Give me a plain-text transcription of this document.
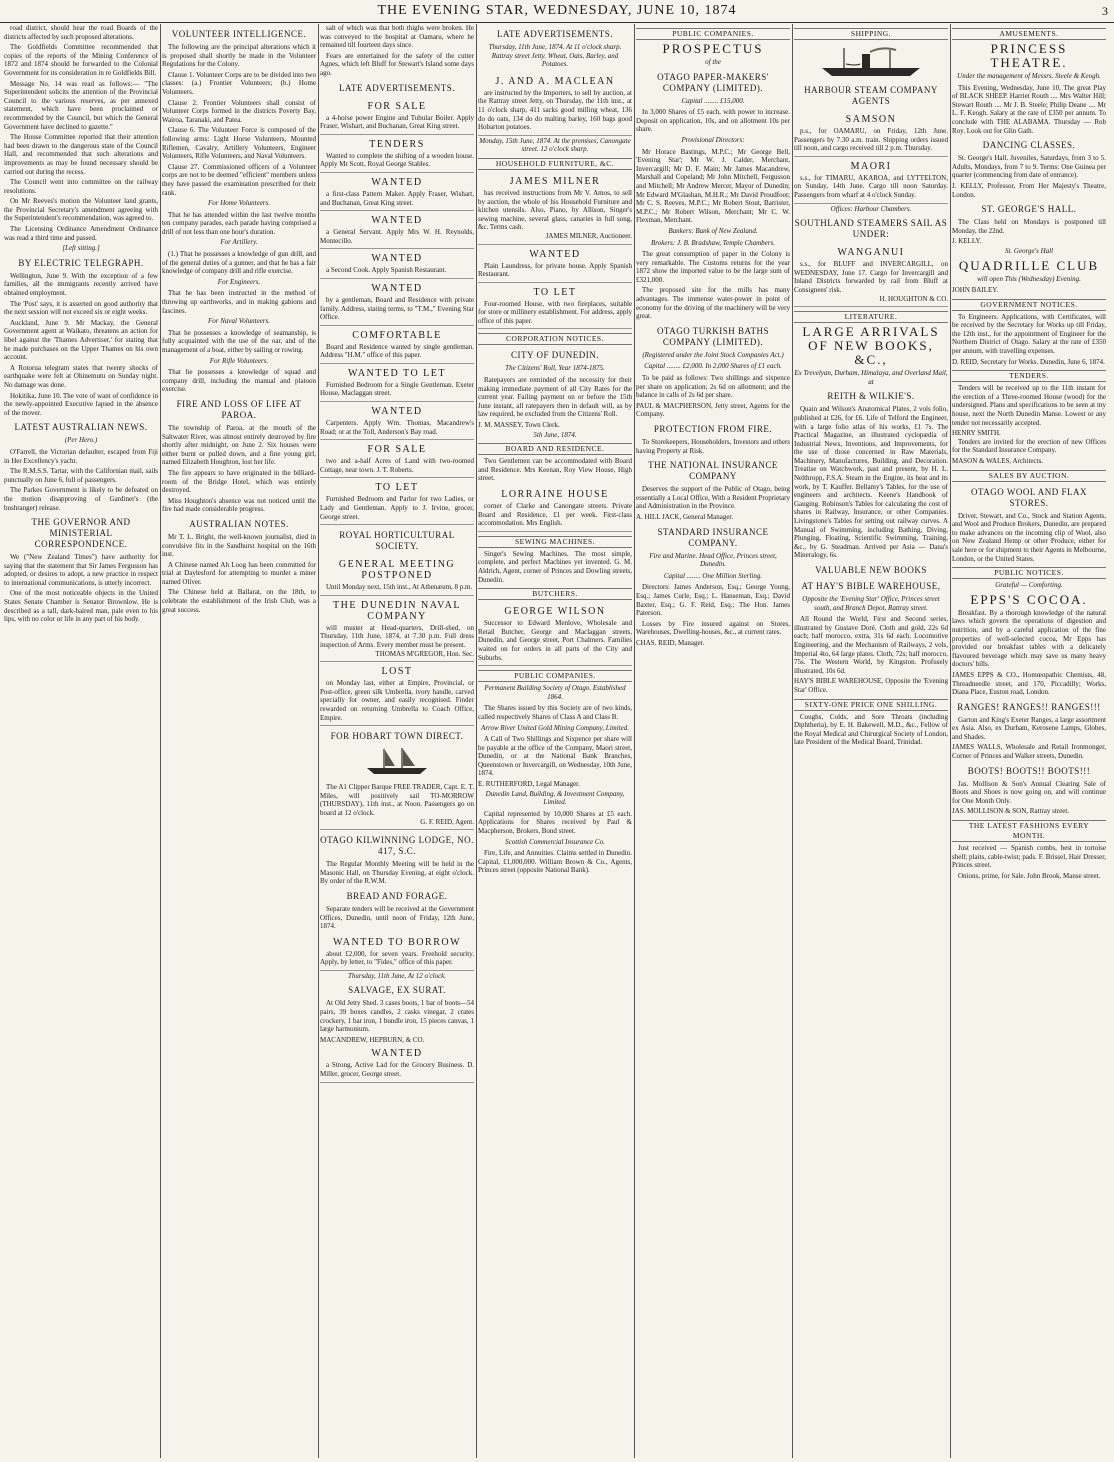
THE EVENING STAR, WEDNESDAY, JUNE 10, 1874	3

road district, should hear the road Boards of the districts affected by such proposed alterations.

The Goldfields Committee recommended that copies of the reports of the Mining Conference of 1872 and 1874 should be forwarded to the Colonial Government for its consideration in re Goldfields Bill.

Message No. 14 was read as follows:— "The Superintendent solicits the attention of the Provincial Council to the various reserves, as per annexed statement, which have been proclaimed or recommended by the Council, but which the General Government have declined to gazette."

The House Committee reported that their attention had been drawn to the dangerous state of the Council Hall, and recommended that such alterations and improvements as may be found necessary should be carried out during the recess.

The Council went into committee on the railway resolutions.

On Mr Reeves's motion the Volunteer land grants, the Provincial Secretary's amendment agreeing with the Superintendent's recommendation, was agreed to.

The Licensing Ordinance Amendment Ordinance was read a third time and passed.

[Left sitting.]
BY ELECTRIC TELEGRAPH.

Wellington, June 9. With the exception of a few families, all the immigrants recently arrived have obtained employment.

The 'Post' says, it is asserted on good authority that the next session will not exceed six or eight weeks.

Auckland, June 9. Mr Mackay, the General Government agent at Waikato, threatens an action for libel against the 'Thames Advertiser,' for stating that he made purchases on the Upper Thames on his own account.

A Rotorua telegram states that twenty shocks of earthquake were felt at Ohinemutu on Sunday night. No damage was done.

Hokitika, June 10. The vote of want of confidence in the newly-appointed Executive lapsed in the absence of the mover.

LATEST AUSTRALIAN NEWS.
(Per Hero.)

O'Farrell, the Victorian defaulter, escaped from Fiji in Her Excellency's yacht.

The R.M.S.S. Tartar, with the Californian mail, sails punctually on June 6, full of passengers.

The Parkes Government is likely to be defeated on the motion disapproving of Gardiner's (the bushranger) release.

THE GOVERNOR AND MINISTERIAL CORRESPONDENCE.

We ("New Zealand Times") have authority for saying that the statement that Sir James Fergusson has adopted, or desires to adopt, a new practice in respect to international communications, is utterly incorrect.

One of the most noticeable objects in the United States Senate Chamber is Senator Brownlow. He is described as a tall, dark-haired man, pale even to his lips, with no color or life in any part of his body.

VOLUNTEER INTELLIGENCE.

The following are the principal alterations which it is proposed shall shortly be made in the Volunteer Regulations for the Colony.

Clause 1. Volunteer Corps are to be divided into two classes: (a.) Frontier Volunteers; (b.) Home Volunteers.

Clause 2. Frontier Volunteers shall consist of Volunteer Corps formed in the districts Poverty Bay, Wairoa, Taranaki, and Patea.

Clause 6. The Volunteer Force is composed of the following arms: Light Horse Volunteers, Mounted Riflemen, Cavalry, Artillery Volunteers, Engineer Volunteers, Rifle Volunteers, and Naval Volunteers.

Clause 27. Commissioned officers of a Volunteer corps are not to be deemed "efficient" members unless they have passed the examination prescribed for their rank.

For Home Volunteers.

That he has attended within the last twelve months ten company parades, each parade having comprised a drill of not less than one hour's duration.

For Artillery.

(1.) That he possesses a knowledge of gun drill, and of the general duties of a gunner, and that he has a fair knowledge of company drill and rifle exercise.

For Engineers.

That he has been instructed in the method of throwing up earthworks, and in making gabions and fascines.

For Naval Volunteers.

That he possesses a knowledge of seamanship, is fully acquainted with the use of the oar, and of the management of a boat, either by sailing or rowing.

For Rifle Volunteers.

That he possesses a knowledge of squad and company drill, including the manual and platoon exercise.

FIRE AND LOSS OF LIFE AT PAROA.

The township of Paroa, at the mouth of the Saltwater River, was almost entirely destroyed by fire shortly after midnight, on June 2. Six houses were either burnt or pulled down, and a fine young girl, named Elizabeth Houghton, lost her life.

The fire appears to have originated in the billiard-room of the Bridge Hotel, which was entirely destroyed.

Miss Houghton's absence was not noticed until the fire had made considerable progress.

AUSTRALIAN NOTES.

Mr T. L. Bright, the well-known journalist, died in convulsive fits in the Sandhurst hospital on the 16th inst.

A Chinese named Ah Loog has been committed for trial at Daylesford for attempting to murder a miner named Oliver.

The Chinese held at Ballarat, on the 18th, to celebrate the establishment of the Irish Club, was a great success.

salt of which was that both thighs were broken. He was conveyed to the hospital at Oamaru, where he remained till fourteen days since.

Fears are entertained for the safety of the cutter Agnes, which left Bluff for Stewart's Island some days ago.

LATE ADVERTISEMENTS.
FOR SALE
a 4-horse power Engine and Tubular Boiler. Apply Fraser, Wishart, and Buchanan, Great King street.
TENDERS
Wanted to complete the shifting of a wooden house. Apply Mr Scott, Royal George Stables.
WANTED
a first-class Pattern Maker. Apply Fraser, Wishart, and Buchanan, Great King street.
WANTED
a General Servant. Apply Mrs W. H. Reynolds, Montecillo.
WANTED
a Second Cook. Apply Spanish Restaurant.
WANTED
by a gentleman, Board and Residence with private family. Address, stating terms, to "T.M.," Evening Star Office.
COMFORTABLE
Board and Residence wanted by single gentleman. Address "H.M." office of this paper.
WANTED TO LET
Furnished Bedroom for a Single Gentleman. Exeter House, Maclaggan street.
WANTED
Carpenters. Apply Wm. Thomas, Macandrew's Road; or at the Toll, Anderson's Bay road.
FOR SALE
two and a-half Acres of Land with two-roomed Cottage, near town. J. T. Roberts.
TO LET
Furnished Bedroom and Parlor for two Ladies, or Lady and Gentleman. Apply to J. Irvine, grocer, George street.
ROYAL HORTICULTURAL SOCIETY.
GENERAL MEETING POSTPONED
Until Monday next, 15th inst., At Athenæum, 8 p.m.
THE DUNEDIN NAVAL COMPANY
will muster at Head-quarters, Drill-shed, on Thursday, 11th June, 1874, at 7.30 p.m. Full dress inspection of Arms. Every member must be present.
THOMAS M'GREGOR, Hon. Sec.
LOST
on Monday last, either at Empire, Provincial, or Post-office, green silk Umbrella, ivory handle, carved specially for owner, and easily recognised. Finder rewarded on returning Umbrella to Coach Office, Empire.
FOR HOBART TOWN DIRECT.
The A1 Clipper Barque FREE TRADER, Capt. E. T. Miles, will positively sail TO-MORROW (THURSDAY), 11th inst., at Noon. Passengers go on board at 12 o'clock.
G. F. REID, Agent.
OTAGO KILWINNING LODGE, NO. 417, S.C.

The Regular Monthly Meeting will be held in the Masonic Hall, on Thursday Evening, at eight o'clock. By order of the R.W.M.

BREAD AND FORAGE.

Separate tenders will be received at the Government Offices, Dunedin, until noon of Friday, 12th June, 1874.

WANTED TO BORROW
about £2,000, for seven years. Freehold security. Apply, by letter, to "Fides," office of this paper.
Thursday, 11th June, At 12 o'clock.
SALVAGE, EX SURAT.

At Old Jetty Shed. 3 cases boots, 1 bar of boots—54 pairs, 39 boxes candles, 2 casks vinegar, 2 crates crockery, 1 bar iron, 1 bundle iron, 15 pieces canvas, 1 large harmonium.

MACANDREW, HEPBURN, & CO.
WANTED
a Strong, Active Lad for the Grocery Business. D. Miller, grocer, George street.
LATE ADVERTISEMENTS.
Thursday, 11th June, 1874. At 11 o'clock sharp. Rattray street Jetty. Wheat, Oats, Barley, and Potatoes.
J. AND A. MACLEAN
are instructed by the Importers, to sell by auction, at the Rattray street Jetty, on Thursday, the 11th inst., at 11 o'clock sharp, 411 sacks good milling wheat, 136 do do oats, 134 do do malting barley, 160 bags good Hobarton potatoes.
Monday, 15th June, 1874. At the premises, Canongate street. 12 o'clock sharp.
HOUSEHOLD FURNITURE, &C.
JAMES MILNER
has received instructions from Mr V. Amos, to sell by auction, the whole of his Household Furniture and kitchen utensils. Also, Piano, by Allison, Singer's sewing machine, several glass, canaries in full song, &c. Terms cash.
JAMES MILNER, Auctioneer.
WANTED
Plain Laundress, for private house. Apply Spanish Restaurant.
TO LET
Four-roomed House, with two fireplaces, suitable for store or millinery establishment. For address, apply office of this paper.
CORPORATION NOTICES.
CITY OF DUNEDIN.
The Citizens' Roll, Year 1874-1875.

Ratepayers are reminded of the necessity for their making immediate payment of all City Rates for the current year. Failing payment on or before the 15th June instant, all ratepayers then in default will, as by law required, be excluded from the Citizens' Roll.

J. M. MASSEY, Town Clerk.
5th June, 1874.
BOARD AND RESIDENCE.

Two Gentlemen can be accommodated with Board and Residence. Mrs Keenan, Roy View House, High street.

LORRAINE HOUSE
corner of Clarke and Canongate streets. Private Board and Residence, £1 per week. First-class accommodation. Mrs English.
SEWING MACHINES.

Singer's Sewing Machines. The most simple, complete, and perfect Machines yet invented. G. M. Aldrich, Agent, corner of Princes and Dowling streets, Dunedin.

BUTCHERS.
GEORGE WILSON
Successor to Edward Menlove, Wholesale and Retail Butcher, George and Maclaggan streets, Dunedin, and George street, Port Chalmers. Families waited on for orders in all parts of the City and Suburbs.
PUBLIC COMPANIES.
Permanent Building Society of Otago. Established 1864.

The Shares issued by this Society are of two kinds, called respectively Shares of Class A and Class B.

Arrow River United Gold Mining Company, Limited.

A Call of Two Shillings and Sixpence per share will be payable at the office of the Company, Maori street, Dunedin, or at the National Bank Branches, Queenstown or Invercargill, on Wednesday, 10th June, 1874.

E. RUTHERFORD, Legal Manager.
Dunedin Land, Building, & Investment Company, Limited.

Capital represented by 10,000 Shares at £5 each. Applications for Shares received by Paul & Macpherson, Brokers, Bond street.

Scottish Commercial Insurance Co.

Fire, Life, and Annuities. Claims settled in Dunedin. Capital, £1,000,000. William Brown & Co., Agents, Princes street (opposite National Bank).

PUBLIC COMPANIES.
PROSPECTUS
of the
OTAGO PAPER-MAKERS' COMPANY (LIMITED).
Capital ........ £15,000.

In 3,000 Shares of £5 each, with power to increase. Deposit on application, 10s, and on allotment 10s per share.

Provisional Directors:

Mr Horace Bastings, M.P.C.; Mr George Bell, 'Evening Star'; Mr W. J. Calder, Merchant, Invercargill; Mr D. F. Main; Mr James Macandrew, Marshall and Copeland; Mr John Mitchell, Fergusson and Mitchell; Mr Andrew Mercer, Mayor of Dunedin; Mr Edward M'Glashan, M.H.R.; Mr David Proudfoot; Mr C. S. Reeves, M.P.C.; Mr Robert Stout, Barrister, M.P.C.; Mr Robert Wilson, Merchant; Mr C. W. Flexman, Merchant.

Bankers: Bank of New Zealand.
Brokers: J. B. Bradshaw, Temple Chambers.

The great consumption of paper in the Colony is very remarkable. The Customs returns for the year 1872 show the imported value to be the large sum of £321,000.

The proposed site for the mills has many advantages. The immense water-power in point of economy for the driving of the machinery will be very great.

OTAGO TURKISH BATHS COMPANY (LIMITED).
(Registered under the Joint Stock Companies Act.)
Capital ........ £2,000. In 2,000 Shares of £1 each.

To be paid as follows: Two shillings and sixpence per share on application; 2s 6d on allotment; and the balance in calls of 2s 6d per share.

PAUL & MACPHERSON, Jetty street, Agents for the Company.
PROTECTION FROM FIRE.

To Storekeepers, Householders, Investors and others having Property at Risk.

THE NATIONAL INSURANCE COMPANY

Deserves the support of the Public of Otago, being essentially a Local Office, With a Resident Proprietary and Administration in the Province.

A. HILL JACK, General Manager.
STANDARD INSURANCE COMPANY.
Fire and Marine. Head Office, Princes street, Dunedin.
Capital ........ One Million Sterling.

Directors: James Anderson, Esq.; George Young, Esq.; James Curle, Esq.; L. Hanseman, Esq.; David Baxter, Esq.; G. F. Reid, Esq.; The Hon. James Paterson.

Losses by Fire insured against on Stores, Warehouses, Dwelling-houses, &c., at current rates.

CHAS. REID, Manager.
SHIPPING.
HARBOUR STEAM COMPANY AGENTS
SAMSON
p.s., for OAMARU, on Friday, 12th June. Passengers by 7.30 a.m. train. Shipping orders issued till noon, and cargo received till 2 p.m. Thursday.
MAORI
s.s., for TIMARU, AKAROA, and LYTTELTON, on Sunday, 14th June. Cargo till noon Saturday. Passengers from wharf at 4 o'clock Sunday.
Offices: Harbour Chambers.
SOUTHLAND STEAMERS SAIL AS UNDER:
WANGANUI
s.s., for BLUFF and INVERCARGILL, on WEDNESDAY, June 17. Cargo for Invercargill and Inland Districts forwarded by rail from Bluff at Consignees' risk.
H. HOUGHTON & CO.
LITERATURE.
LARGE ARRIVALS OF NEW BOOKS, &C.,
Ex Trevelyan, Durham, Himalaya, and Overland Mail, at
REITH & WILKIE'S.

Quain and Wilson's Anatomical Plates, 2 vols folio, published at £26, for £6. Life of Telford the Engineer, with a large folio atlas of his works, £1 7s. The Practical Magazine, an illustrated cyclopædia of Industrial News, Inventions, and Improvements, for the use of those concerned in Raw Materials, Machinery, Manufactures, Building, and Decoration. Treatise on Watchwork, past and present, by H. L. Nelthropp, F.S.A. Steam in the Engine, its heat and its work, by T. Kauffer. Bellamy's Tables, for the use of engineers and architects. Keene's Handbook of Gauging. Robinson's Tables for calculating the cost of shares in Railway, Insurance, or other Companies. Livingstone's Tables for setting out railway curves. A Manual of Swimming, including Bathing, Diving, Plunging, Floating, Scientific Swimming, Training, &c., by G. Steadman. Arrived per Asia — Dana's Mineralogy, 6s.

VALUABLE NEW BOOKS
AT HAY'S BIBLE WAREHOUSE,
Opposite the 'Evening Star' Office, Princes street south, and Branch Depot, Rattray street.

All Round the World, First and Second series, illustrated by Gustave Doré. Cloth and gold, 22s 6d each; half morocco, extra, 31s 6d each. Locomotive Engineering, and the Mechanism of Railways, 2 vols, Imperial 4to, 64 large plates. Cloth, 72s; half morocco, 75s. The Western World, by Kingston. Profusely illustrated, 10s 6d.

HAY'S BIBLE WAREHOUSE, Opposite the 'Evening Star' Office.
SIXTY-ONE PRICE ONE SHILLING.

Coughs, Colds, and Sore Throats (including Diphtheria), by E. H. Bakewell, M.D., &c., Fellow of the Royal Medical and Chirurgical Society of London, late President of the Medical Board, Trinidad.

AMUSEMENTS.
PRINCESS THEATRE.
Under the management of Messrs. Steele & Keogh.

This Evening, Wednesday, June 10, The great Play of BLACK SHEEP. Harriet Routh .... Mrs Walter Hill; Stewart Routh .... Mr J. B. Steele; Philip Deane .... Mr L. F. Keogh. Salary at the rate of £350 per annum. To conclude with THE ALABAMA. Thursday — Rob Roy. Look out for Glin Gath.

DANCING CLASSES.

St. George's Hall. Juveniles, Saturdays, from 3 to 5. Adults, Mondays, from 7 to 9. Terms: One Guinea per quarter (commencing from date of entrance).

J. KELLY, Professor, From Her Majesty's Theatre, London.
ST. GEORGE'S HALL.

The Class held on Mondays is postponed till Monday, the 22nd.

J. KELLY.
St. George's Hall
QUADRILLE CLUB
will open This (Wednesday) Evening.
JOHN BAILEY.
GOVERNMENT NOTICES.

To Engineers. Applications, with Certificates, will be received by the Secretary for Works up till Friday, the 12th inst., for the appointment of Engineer for the Northern District of Otago. Salary at the rate of £350 per annum, with travelling expenses.

D. REID, Secretary for Works. Dunedin, June 6, 1874.
TENDERS.

Tenders will be received up to the 11th instant for the erection of a Three-roomed House (wood) for the undersigned. Plans and specifications to be seen at my house, next the North Dunedin Manse. Lowest or any tender not necessarily accepted.

HENRY SMITH.

Tenders are invited for the erection of new Offices for the Standard Insurance Company.

MASON & WALES, Architects.
SALES BY AUCTION.
OTAGO WOOL AND FLAX STORES.

Driver, Stewart, and Co., Stock and Station Agents, and Wool and Produce Brokers, Dunedin, are prepared to make advances on the incoming clip of Wool, also on New Zealand Hemp or other Produce, either for sale here or for shipment to their Agents in Melbourne, London, or the United States.

PUBLIC NOTICES.
Grateful — Comforting.
EPPS'S COCOA.

Breakfast. By a thorough knowledge of the natural laws which govern the operations of digestion and nutrition, and by a careful application of the fine properties of well-selected cocoa, Mr Epps has provided our breakfast tables with a delicately flavoured beverage which may save us many heavy doctors' bills.

JAMES EPPS & CO., Homœopathic Chemists, 48, Threadneedle street, and 170, Piccadilly; Works, Diana Place, Euston road, London.
RANGES! RANGES!! RANGES!!!

Garton and King's Exeter Ranges, a large assortment ex Asia. Also, ex Durham, Kerosene Lamps, Globes, and Shades.

JAMES WALLS, Wholesale and Retail Ironmonger, Corner of Princes and Walker streets, Dunedin.
BOOTS! BOOTS!! BOOTS!!!

Jas. Mollison & Son's Annual Clearing Sale of Boots and Shoes is now going on, and will continue for One Month Only.

JAS. MOLLISON & SON, Rattray street.
THE LATEST FASHIONS EVERY MONTH.

Just received — Spanish combs, best in tortoise shell; plaits, cable-twist; pads. F. Brissel, Hair Dresser, Princes street.

Onions, prime, for Sale. John Brook, Manse street.
